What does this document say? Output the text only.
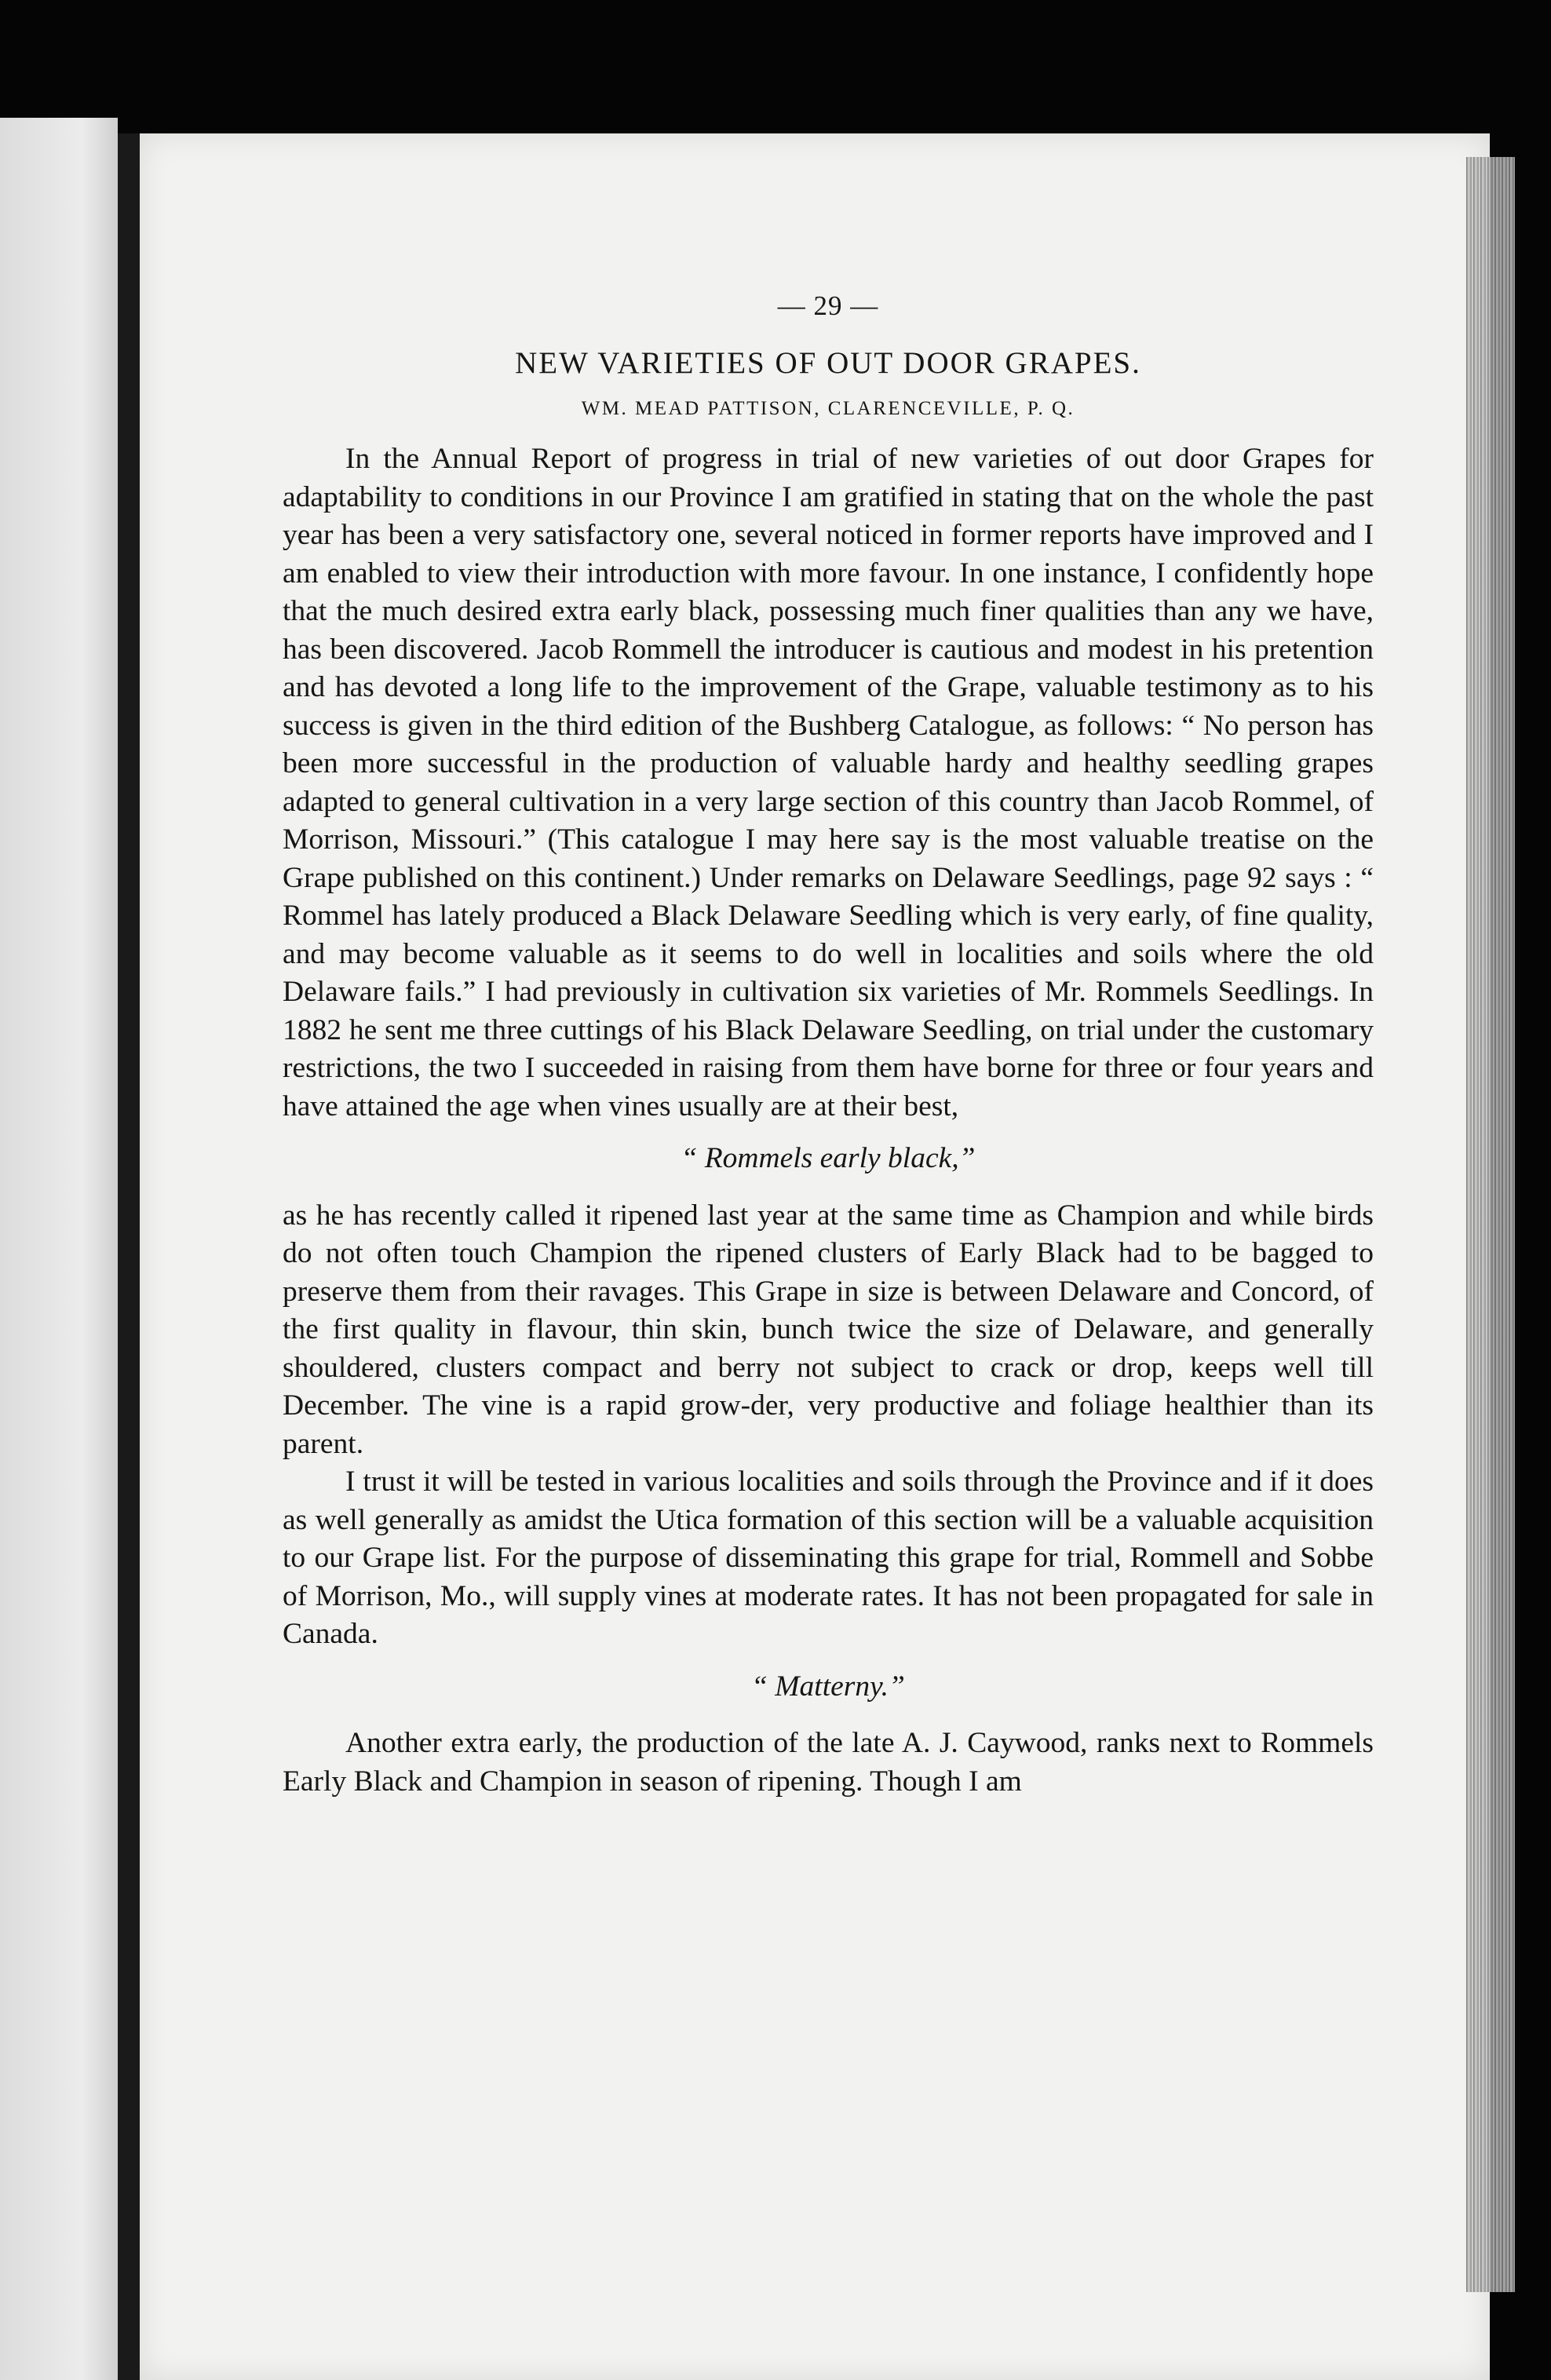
— 29 —
NEW VARIETIES OF OUT DOOR GRAPES.
WM. MEAD PATTISON, CLARENCEVILLE, P. Q.

In the Annual Report of progress in trial of new varieties of out door Grapes for adaptability to conditions in our Province I am gratified in stating that on the whole the past year has been a very satisfactory one, several noticed in former reports have improved and I am enabled to view their introduction with more favour. In one instance, I confidently hope that the much desired extra early black, possessing much finer qualities than any we have, has been discovered. Jacob Rommell the introducer is cautious and modest in his pretention and has devoted a long life to the improvement of the Grape, valuable testimony as to his success is given in the third edition of the Bushberg Catalogue, as follows: “ No person has been more successful in the production of valuable hardy and healthy seedling grapes adapted to general cultivation in a very large section of this country than Jacob Rommel, of Morrison, Missouri.” (This catalogue I may here say is the most valuable treatise on the Grape published on this continent.) Under remarks on Delaware Seedlings, page 92 says : “ Rommel has lately produced a Black Delaware Seedling which is very early, of fine quality, and may become valuable as it seems to do well in localities and soils where the old Delaware fails.” I had previously in cultivation six varieties of Mr. Rommels Seedlings. In 1882 he sent me three cuttings of his Black Delaware Seedling, on trial under the customary restrictions, the two I succeeded in raising from them have borne for three or four years and have attained the age when vines usually are at their best,

“ Rommels early black,”

as he has recently called it ripened last year at the same time as Champion and while birds do not often touch Champion the ripened clusters of Early Black had to be bagged to preserve them from their ravages. This Grape in size is between Delaware and Concord, of the first quality in flavour, thin skin, bunch twice the size of Delaware, and generally shouldered, clusters compact and berry not subject to crack or drop, keeps well till December. The vine is a rapid grow-der, very productive and foliage healthier than its parent.

I trust it will be tested in various localities and soils through the Province and if it does as well generally as amidst the Utica formation of this section will be a valuable acquisition to our Grape list. For the purpose of disseminating this grape for trial, Rommell and Sobbe of Morrison, Mo., will supply vines at moderate rates. It has not been propagated for sale in Canada.

“ Matterny.”

Another extra early, the production of the late A. J. Caywood, ranks next to Rommels Early Black and Champion in season of ripening. Though I am
